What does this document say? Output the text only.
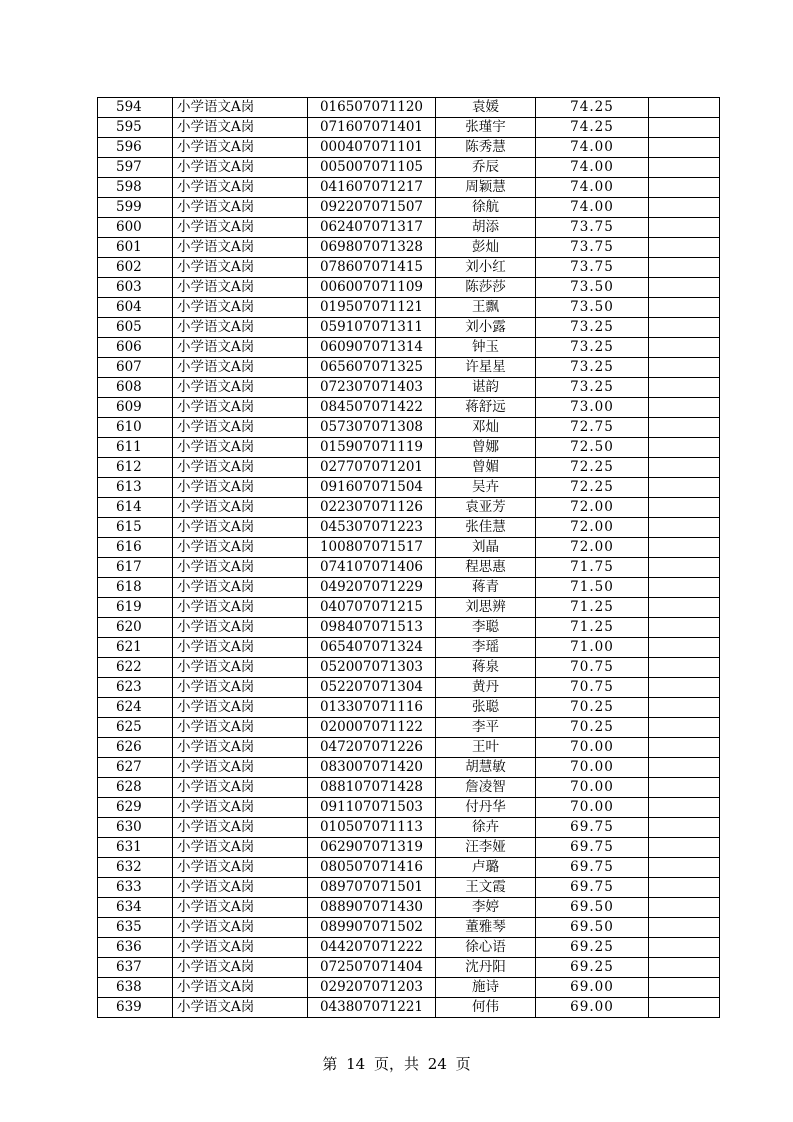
594	小学语文A岗	016507071120	袁媛	74.25	
595	小学语文A岗	071607071401	张瑾宇	74.25	
596	小学语文A岗	000407071101	陈秀慧	74.00	
597	小学语文A岗	005007071105	乔辰	74.00	
598	小学语文A岗	041607071217	周颖慧	74.00	
599	小学语文A岗	092207071507	徐航	74.00	
600	小学语文A岗	062407071317	胡添	73.75	
601	小学语文A岗	069807071328	彭灿	73.75	
602	小学语文A岗	078607071415	刘小红	73.75	
603	小学语文A岗	006007071109	陈莎莎	73.50	
604	小学语文A岗	019507071121	王飘	73.50	
605	小学语文A岗	059107071311	刘小露	73.25	
606	小学语文A岗	060907071314	钟玉	73.25	
607	小学语文A岗	065607071325	许星星	73.25	
608	小学语文A岗	072307071403	谌韵	73.25	
609	小学语文A岗	084507071422	蒋舒远	73.00	
610	小学语文A岗	057307071308	邓灿	72.75	
611	小学语文A岗	015907071119	曾娜	72.50	
612	小学语文A岗	027707071201	曾媚	72.25	
613	小学语文A岗	091607071504	吴卉	72.25	
614	小学语文A岗	022307071126	袁亚芳	72.00	
615	小学语文A岗	045307071223	张佳慧	72.00	
616	小学语文A岗	100807071517	刘晶	72.00	
617	小学语文A岗	074107071406	程思惠	71.75	
618	小学语文A岗	049207071229	蒋青	71.50	
619	小学语文A岗	040707071215	刘思辨	71.25	
620	小学语文A岗	098407071513	李聪	71.25	
621	小学语文A岗	065407071324	李瑶	71.00	
622	小学语文A岗	052007071303	蒋泉	70.75	
623	小学语文A岗	052207071304	黄丹	70.75	
624	小学语文A岗	013307071116	张聪	70.25	
625	小学语文A岗	020007071122	李平	70.25	
626	小学语文A岗	047207071226	王叶	70.00	
627	小学语文A岗	083007071420	胡慧敏	70.00	
628	小学语文A岗	088107071428	詹凌智	70.00	
629	小学语文A岗	091107071503	付丹华	70.00	
630	小学语文A岗	010507071113	徐卉	69.75	
631	小学语文A岗	062907071319	汪李娅	69.75	
632	小学语文A岗	080507071416	卢璐	69.75	
633	小学语文A岗	089707071501	王文霞	69.75	
634	小学语文A岗	088907071430	李婷	69.50	
635	小学语文A岗	089907071502	董雅琴	69.50	
636	小学语文A岗	044207071222	徐心语	69.25	
637	小学语文A岗	072507071404	沈丹阳	69.25	
638	小学语文A岗	029207071203	施诗	69.00	
639	小学语文A岗	043807071221	何伟	69.00	
第 14 页，共 24 页
